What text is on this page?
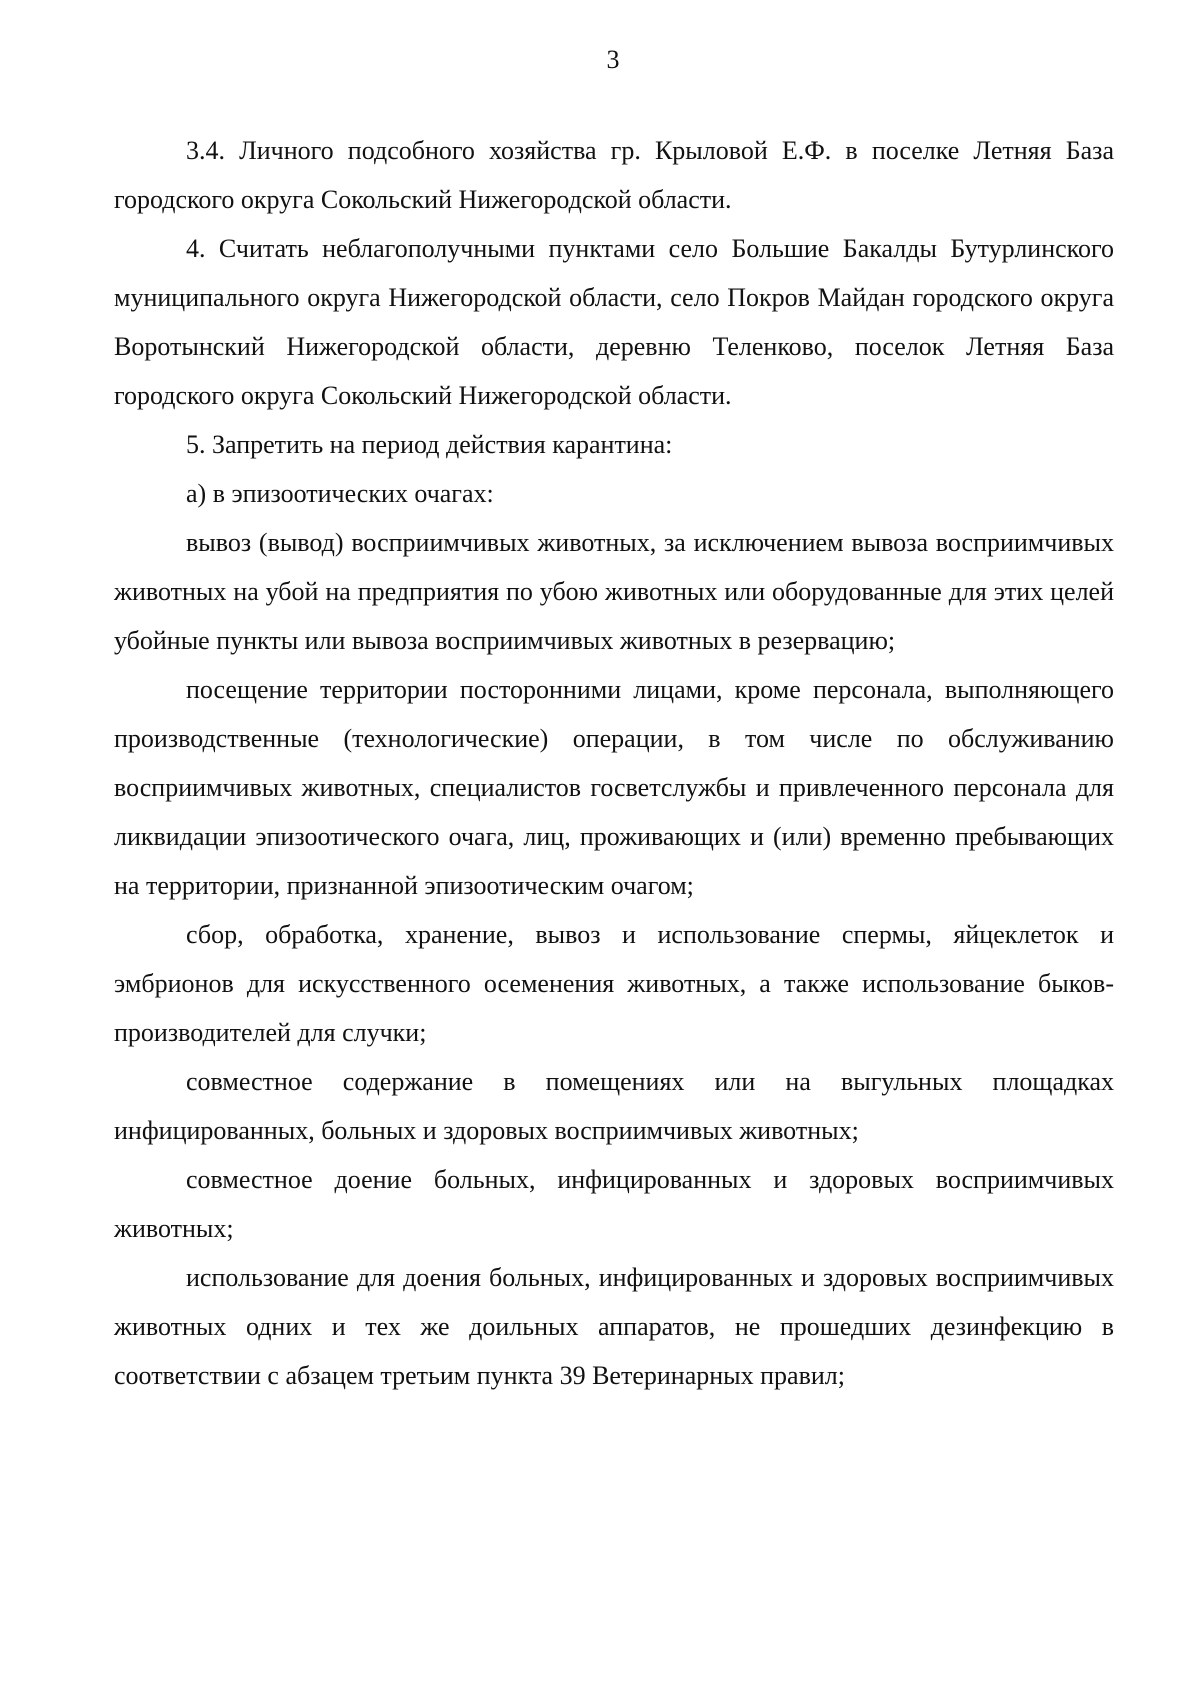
3

3.4. Личного подсобного хозяйства гр. Крыловой Е.Ф. в поселке Летняя База городского округа Сокольский Нижегородской области.

4. Считать неблагополучными пунктами село Большие Бакалды Бутурлинского муниципального округа Нижегородской области, село Покров Майдан городского округа Воротынский Нижегородской области, деревню Теленково, поселок Летняя База городского округа Сокольский Нижегородской области.

5. Запретить на период действия карантина:

а) в эпизоотических очагах:

вывоз (вывод) восприимчивых животных, за исключением вывоза восприимчивых животных на убой на предприятия по убою животных или оборудованные для этих целей убойные пункты или вывоза восприимчивых животных в резервацию;

посещение территории посторонними лицами, кроме персонала, выполняющего производственные (технологические) операции, в том числе по обслуживанию восприимчивых животных, специалистов госветслужбы и привлеченного персонала для ликвидации эпизоотического очага, лиц, проживающих и (или) временно пребывающих на территории, признанной эпизоотическим очагом;

сбор, обработка, хранение, вывоз и использование спермы, яйцеклеток и эмбрионов для искусственного осеменения животных, а также использование быков-производителей для случки;

совместное содержание в помещениях или на выгульных площадках инфицированных, больных и здоровых восприимчивых животных;

совместное доение больных, инфицированных и здоровых восприимчивых животных;

использование для доения больных, инфицированных и здоровых восприимчивых животных одних и тех же доильных аппаратов, не прошедших дезинфекцию в соответствии с абзацем третьим пункта 39 Ветеринарных правил;
